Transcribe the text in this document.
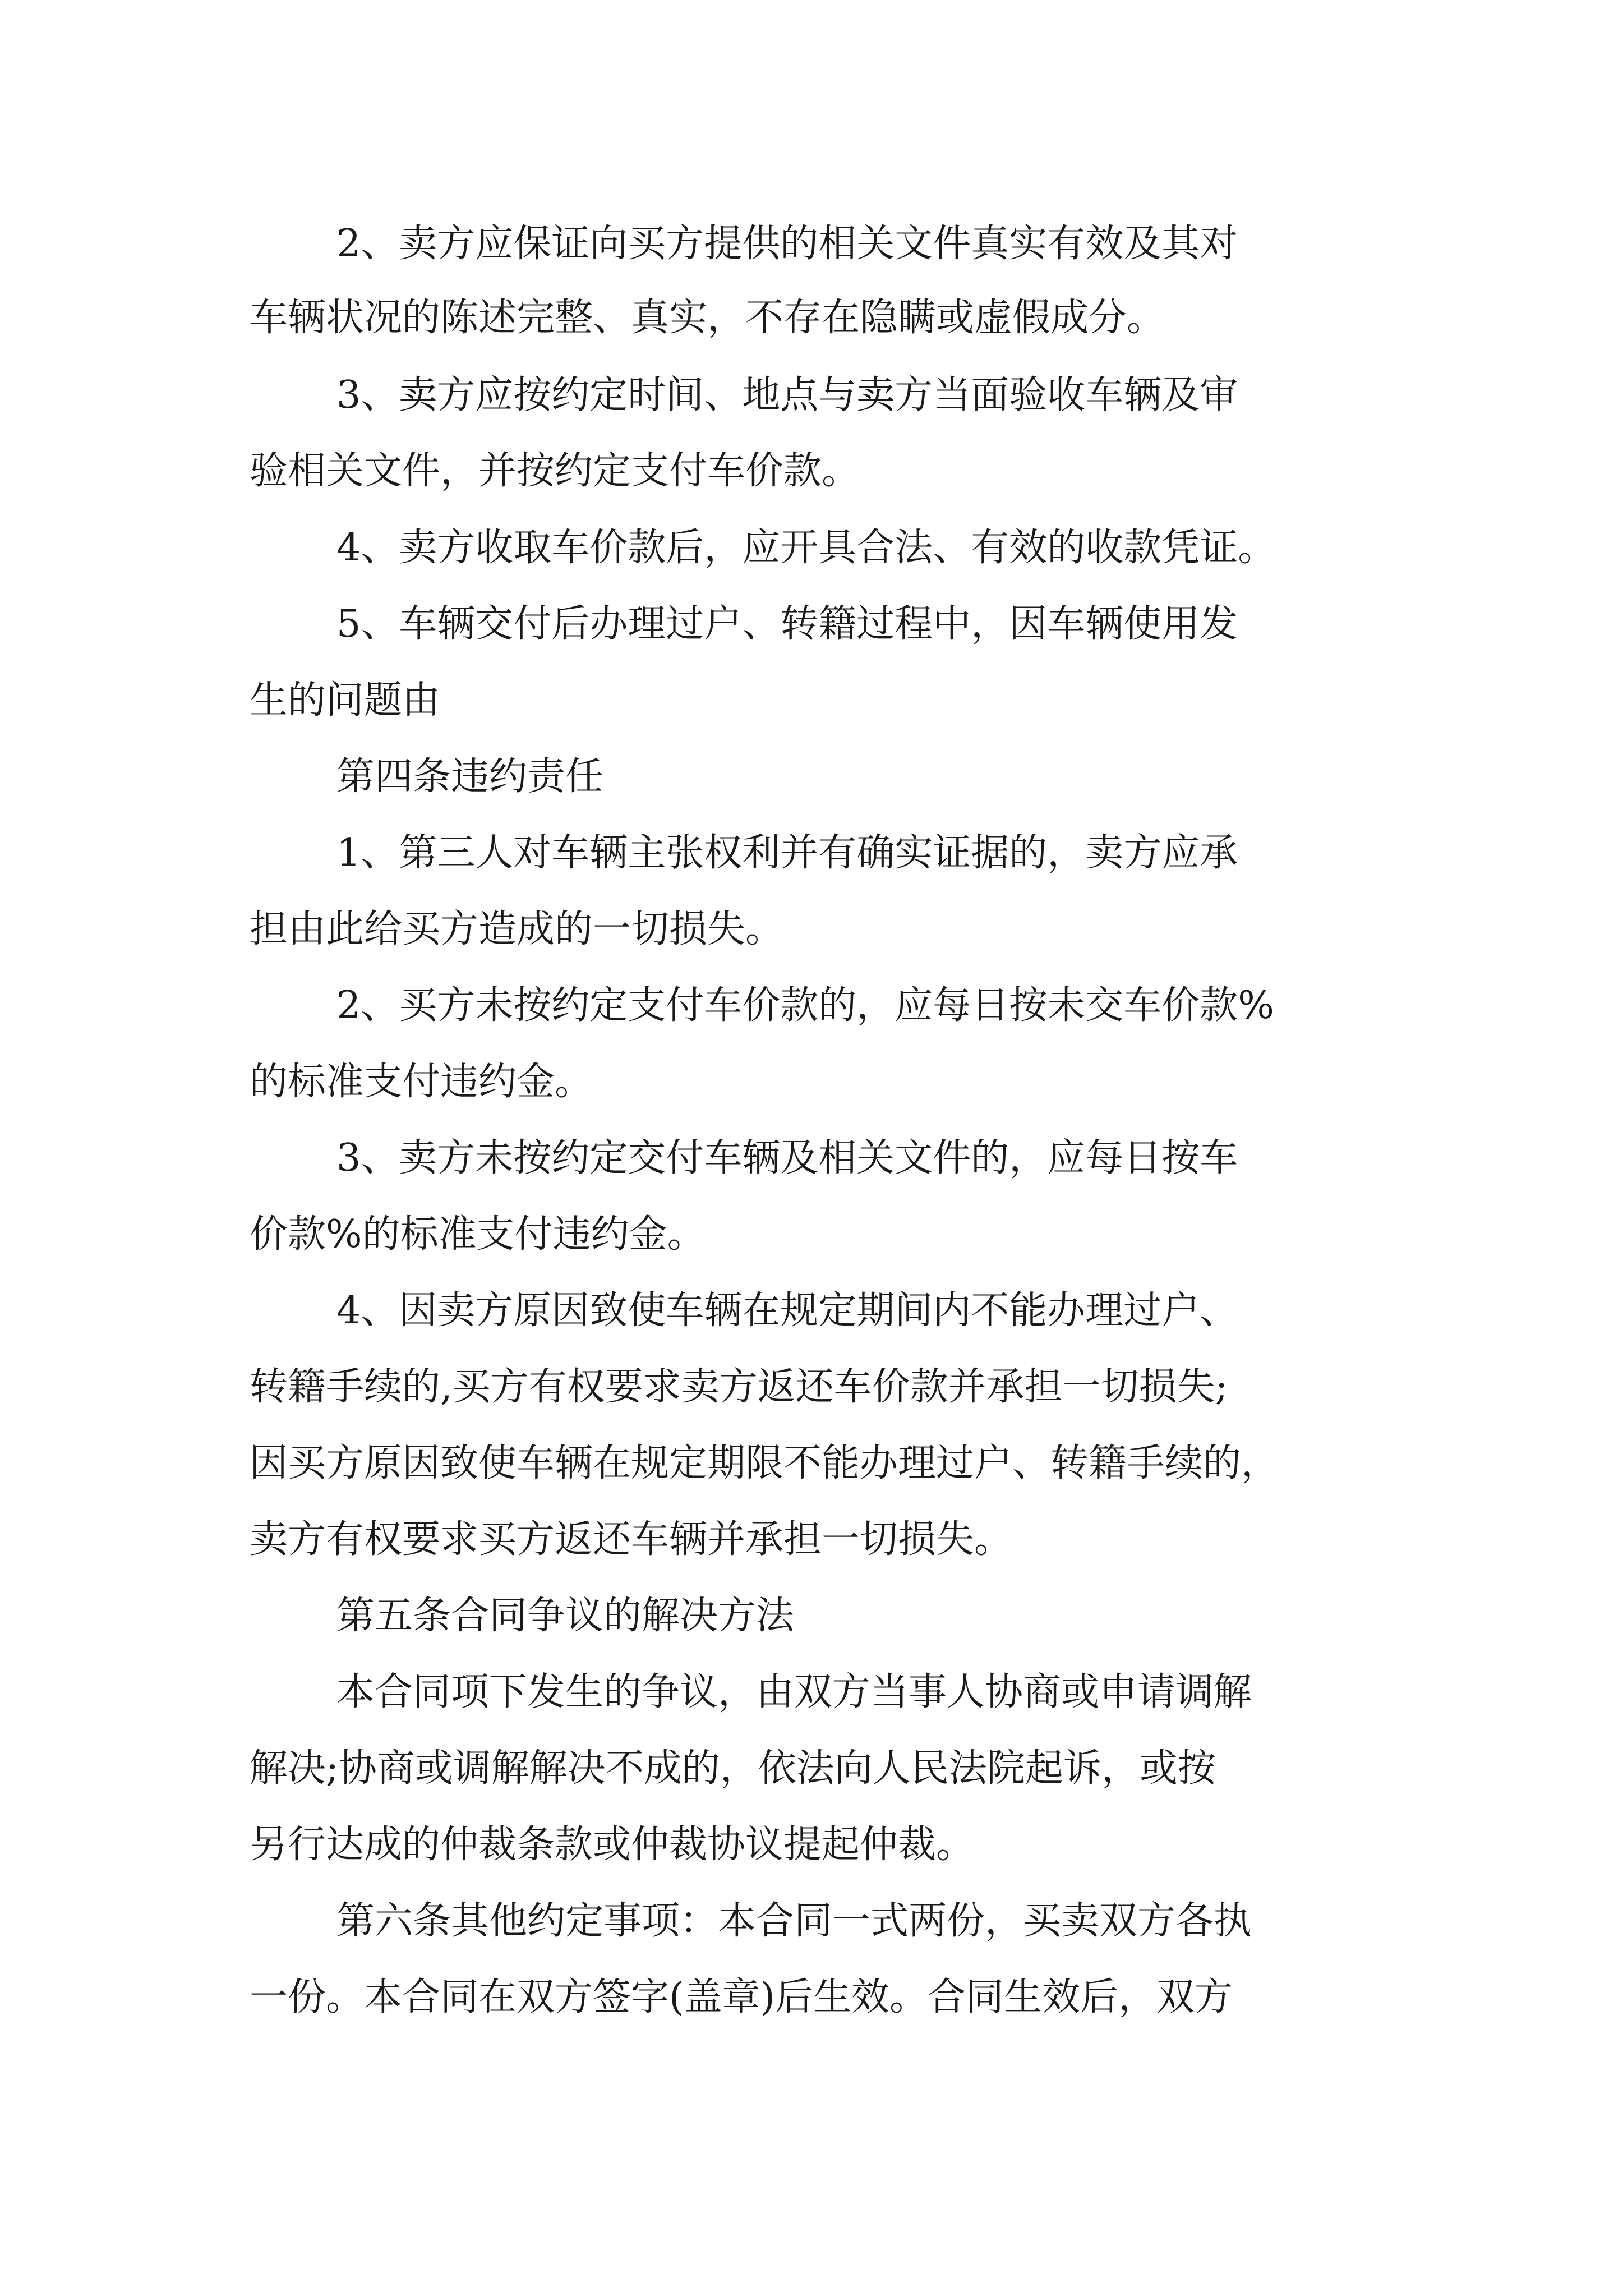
2、卖方应保证向买方提供的相关文件真实有效及其对
车辆状况的陈述完整、真实，不存在隐瞒或虚假成分。
3、卖方应按约定时间、地点与卖方当面验收车辆及审
验相关文件，并按约定支付车价款。
4、卖方收取车价款后，应开具合法、有效的收款凭证。
5、车辆交付后办理过户、转籍过程中，因车辆使用发
生的问题由
第四条违约责任
1、第三人对车辆主张权利并有确实证据的，卖方应承
担由此给买方造成的一切损失。
2、买方未按约定支付车价款的，应每日按未交车价款%
的标准支付违约金。
3、卖方未按约定交付车辆及相关文件的，应每日按车
价款%的标准支付违约金。
4、因卖方原因致使车辆在规定期间内不能办理过户、
转籍手续的,买方有权要求卖方返还车价款并承担一切损失;
因买方原因致使车辆在规定期限不能办理过户、转籍手续的，
卖方有权要求买方返还车辆并承担一切损失。
第五条合同争议的解决方法
本合同项下发生的争议，由双方当事人协商或申请调解
解决;协商或调解解决不成的，依法向人民法院起诉，或按
另行达成的仲裁条款或仲裁协议提起仲裁。
第六条其他约定事项：本合同一式两份，买卖双方各执
一份。本合同在双方签字(盖章)后生效。合同生效后，双方
